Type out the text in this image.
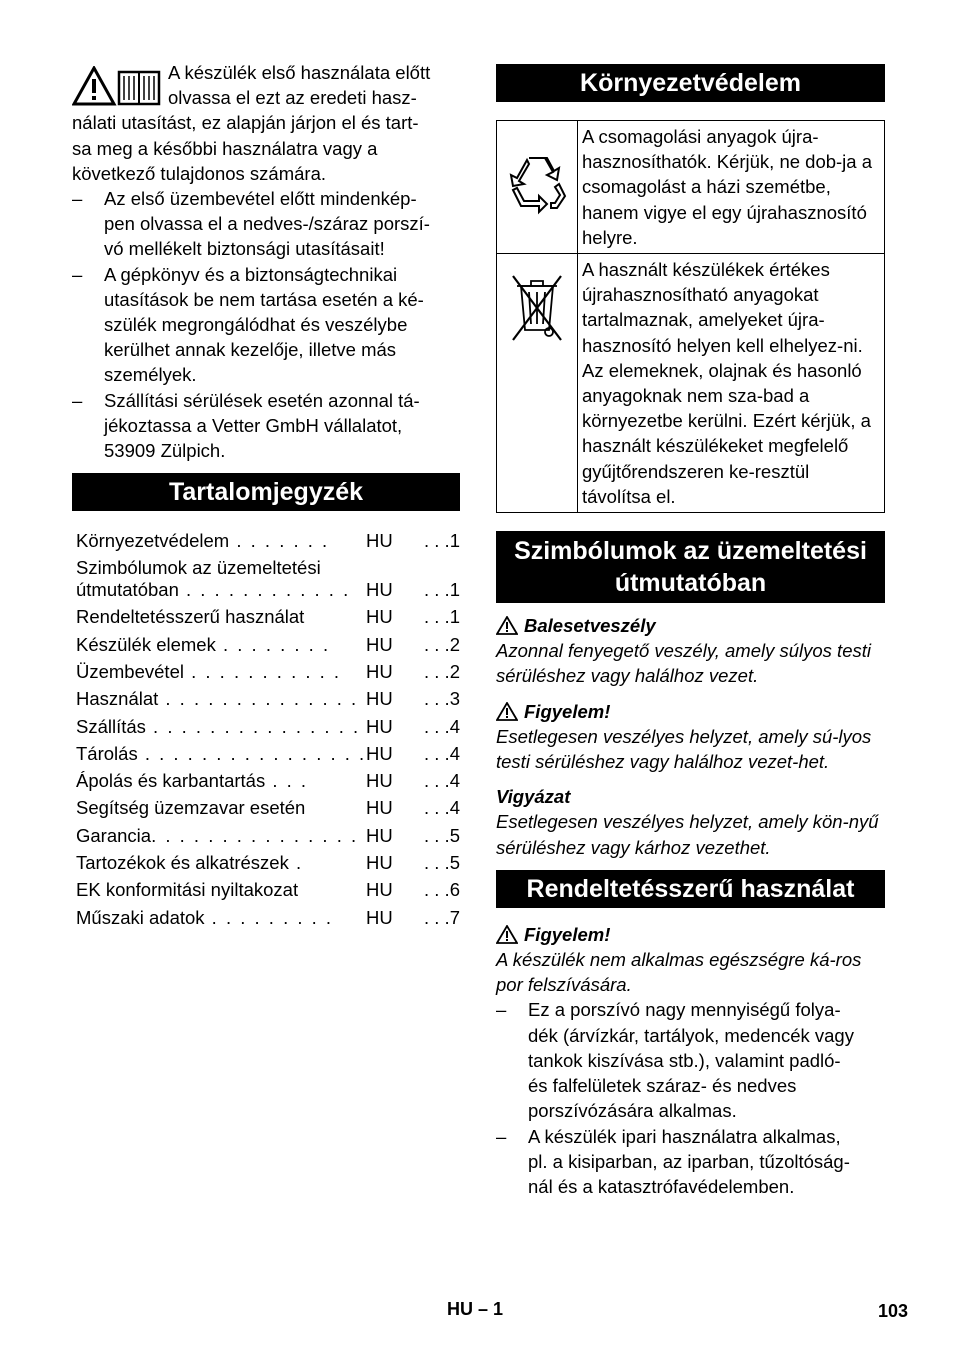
A készülék első használata előtt
olvassa el ezt az eredeti hasz-
nálati utasítást, ez alapján járjon el és tart-
sa meg a későbbi használatra vagy a
következő tulajdonos számára.

– Az első üzembevétel előtt mindenkép-pen olvassa el a nedves-/száraz porszí-vó mellékelt biztonsági utasításait!
– A gépkönyv és a biztonságtechnikai utasítások be nem tartása esetén a ké-szülék megrongálódhat és veszélybe kerülhet annak kezelője, illetve más személyek.
– Szállítási sérülések esetén azonnal tá-jékoztassa a Vetter GmbH vállalatot, 53909 Zülpich.
Tartalomjegyzék
Környezetvédelem . . . . . . .	HU	. . .1
Szimbólumok az üzemeltetési
útmutatóban . . . . . . . . . . . . HU	. . .1
Rendeltetésszerű használat	HU	. . .1
Készülék elemek . . . . . . . .	HU	. . .2
Üzembevétel . . . . . . . . . . .	HU	. . .2
Használat . . . . . . . . . . . . . . HU	. . .3
Szállítás . . . . . . . . . . . . . . . HU	. . .4
Tárolás . . . . . . . . . . . . . . . . HU	. . .4
Ápolás és karbantartás . . .	HU	. . .4
Segítség üzemzavar esetén	HU	. . .4
Garancia. . . . . . . . . . . . . . . HU	. . .5
Tartozékok és alkatrészek .	HU	. . .5
EK konformitási nyiltakozat	HU	. . .6
Műszaki adatok . . . . . . . . .	HU	. . .7
Környezetvédelem
	A csomagolási anyagok újra-hasznosíthatók. Kérjük, ne dob-ja a csomagolást a házi szemétbe, hanem vigye el egy újrahasznosító helyre.
	A használt készülékek értékes újrahasznosítható anyagokat tartalmaznak, amelyeket újra-hasznosító helyen kell elhelyez-ni. Az elemeknek, olajnak és hasonló anyagoknak nem sza-bad a környezetbe kerülni. Ezért kérjük, a használt készülékeket megfelelő gyűjtőrendszeren ke-resztül távolítsa el.
Szimbólumok az üzemeltetési útmutatóban
Balesetveszély

Azonnal fenyegető veszély, amely súlyos testi sérüléshez vagy halálhoz vezet.

Figyelem!

Esetlegesen veszélyes helyzet, amely sú-lyos testi sérüléshez vagy halálhoz vezet-het.

Vigyázat

Esetlegesen veszélyes helyzet, amely kön-nyű sérüléshez vagy kárhoz vezethet.

Rendeltetésszerű használat
Figyelem!

A készülék nem alkalmas egészségre ká-ros por felszívására.

– Ez a porszívó nagy mennyiségű folya-dék (árvízkár, tartályok, medencék vagy tankok kiszívása stb.), valamint padló- és falfelületek száraz- és nedves porszívózására alkalmas.
– A készülék ipari használatra alkalmas, pl. a kisiparban, az iparban, tűzoltóság-nál és a katasztrófavédelemben.
HU – 1	103
